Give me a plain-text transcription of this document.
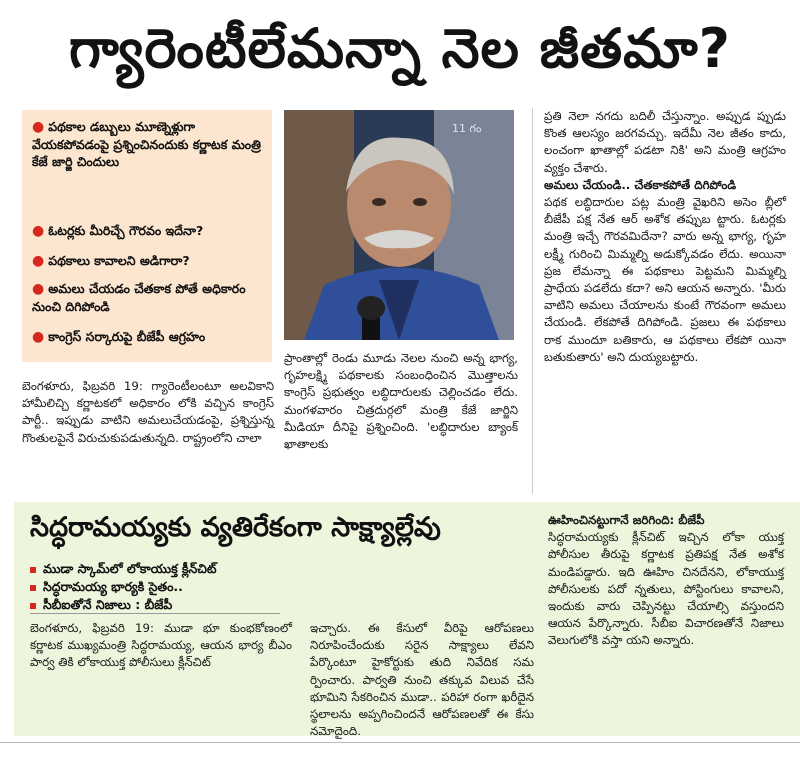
గ్యారెంటీలేమన్నా నెల జీతమా?
● పథకాల డబ్బులు మూణ్నెళ్లుగా వేయకపోవడంపై ప్రశ్నించినందుకు కర్ణాటక మంత్రి కేజే జార్జి చిందులు
● ఓటర్లకు మీరిచ్చే గౌరవం ఇదేనా?
● పథకాలు కావాలని అడిగారా?
● అమలు చేయడం చేతకాక పోతే అధికారం నుంచి దిగిపోండి
● కాంగ్రెస్‌ సర్కారుపై బీజేపీ ఆగ్రహం
11 గం
బెంగళూరు, ఫిబ్రవరి 19: గ్యారెంటీలంటూ అలవికాని హామీలిచ్చి కర్ణాటకలో అధికారం లోకి వచ్చిన కాంగ్రెస్‌ పార్టీ.. ఇప్పుడు వాటిని అమలుచేయడంపై, ప్రశ్నిస్తున్న గొంతులపైనే విరుచుకుపడుతున్నది. రాష్ట్రంలోని చాలా
ప్రాంతాల్లో రెండు మూడు నెలల నుంచి అన్న భాగ్య, గృహలక్ష్మి పథకాలకు సంబంధించిన మొత్తాలను కాంగ్రెస్‌ ప్రభుత్వం లబ్ధిదారులకు చెల్లించడం లేదు. మంగళవారం చిత్రదుర్గలో మంత్రి కేజే జార్జిని మీడియా దీనిపై ప్రశ్నించింది. 'లబ్ధిదారుల బ్యాంక్‌ ఖాతాలకు
ప్రతి నెలా నగదు బదిలీ చేస్తున్నాం. అప్పుడ ప్పుడు కొంత ఆలస్యం జరగవచ్చు. ఇదేమీ నెల జీతం కాదు, లంచంగా ఖాతాల్లో పడటా నికి' అని మంత్రి ఆగ్రహం వ్యక్తం చేశారు.
అమలు చేయండి.. చేతకాకపోతే దిగిపోండి
పథక లబ్ధిదారుల పట్ల మంత్రి వైఖరిని అసెం బ్లీలో బీజేపీ పక్ష నేత ఆర్‌ అశోక తప్పుబ ట్టారు. ఓటర్లకు మంత్రి ఇచ్చే గౌరవమిదేనా? వారు అన్న భాగ్య, గృహ లక్ష్మీ గురించి మిమ్మల్ని అడుక్కోవడం లేదు. అయినా ప్రజ లేమన్నా ఈ పథకాలు పెట్టమని మిమ్మల్ని ప్రాధేయ పడలేదు కదా? అని ఆయన అన్నారు. 'మీరు వాటిని అమలు చేయాలను కుంటే గౌరవంగా అమలు చేయండి. లేకపోతే దిగిపోండి. ప్రజలు ఈ పథకాలు రాక ముందూ బతికారు, ఆ పథకాలు లేకపో యినా బతుకుతారు' అని దుయ్యబట్టారు.
సిద్ధరామయ్యకు వ్యతిరేకంగా సాక్ష్యాల్లేవు
ముడా స్కామ్‌లో లోకాయుక్త క్లీన్‌చిట్‌
సిద్ధరామయ్య భార్యకి సైతం..
సీబీఐతోనే నిజాలు : బీజేపీ
బెంగళూరు, ఫిబ్రవరి 19: ముడా భూ కుంభకోణంలో కర్ణాటక ముఖ్యమంత్రి సిద్ధరామయ్య, ఆయన భార్య బీఎం పార్వ తికి లోకాయుక్త పోలీసులు క్లీన్‌చిట్‌
ఇచ్చారు. ఈ కేసులో వీరిపై ఆరోపణలు నిరూపించేందుకు సరైన సాక్ష్యాలు లేవని పేర్కొంటూ హైకోర్టుకు తుది నివేదిక సమ ర్పించారు. పార్వతి నుంచి తక్కువ విలువ చేసే భూమిని సేకరించిన ముడా.. పరిహా రంగా ఖరీదైన స్థలాలను అప్పగించిందనే ఆరోపణలతో ఈ కేసు నమోదైంది.
ఊహించినట్టుగానే జరిగింది: బీజేపీ
సిద్ధరామయ్యకు క్లీన్‌చిట్‌ ఇచ్చిన లోకా యుక్త పోలీసుల తీరుపై కర్ణాటక ప్రతిపక్ష నేత అశోక మండిపడ్డారు. ఇది ఊహిం చినదేనని, లోకాయుక్త పోలీసులకు పదో న్నతులు, పోస్టింగులు కావాలని, ఇందుకు వారు చెప్పినట్టు చేయాల్సి వస్తుందని ఆయన పేర్కొన్నారు. సీబీఐ విచారణతోనే నిజాలు వెలుగులోకి వస్తా యని అన్నారు.
